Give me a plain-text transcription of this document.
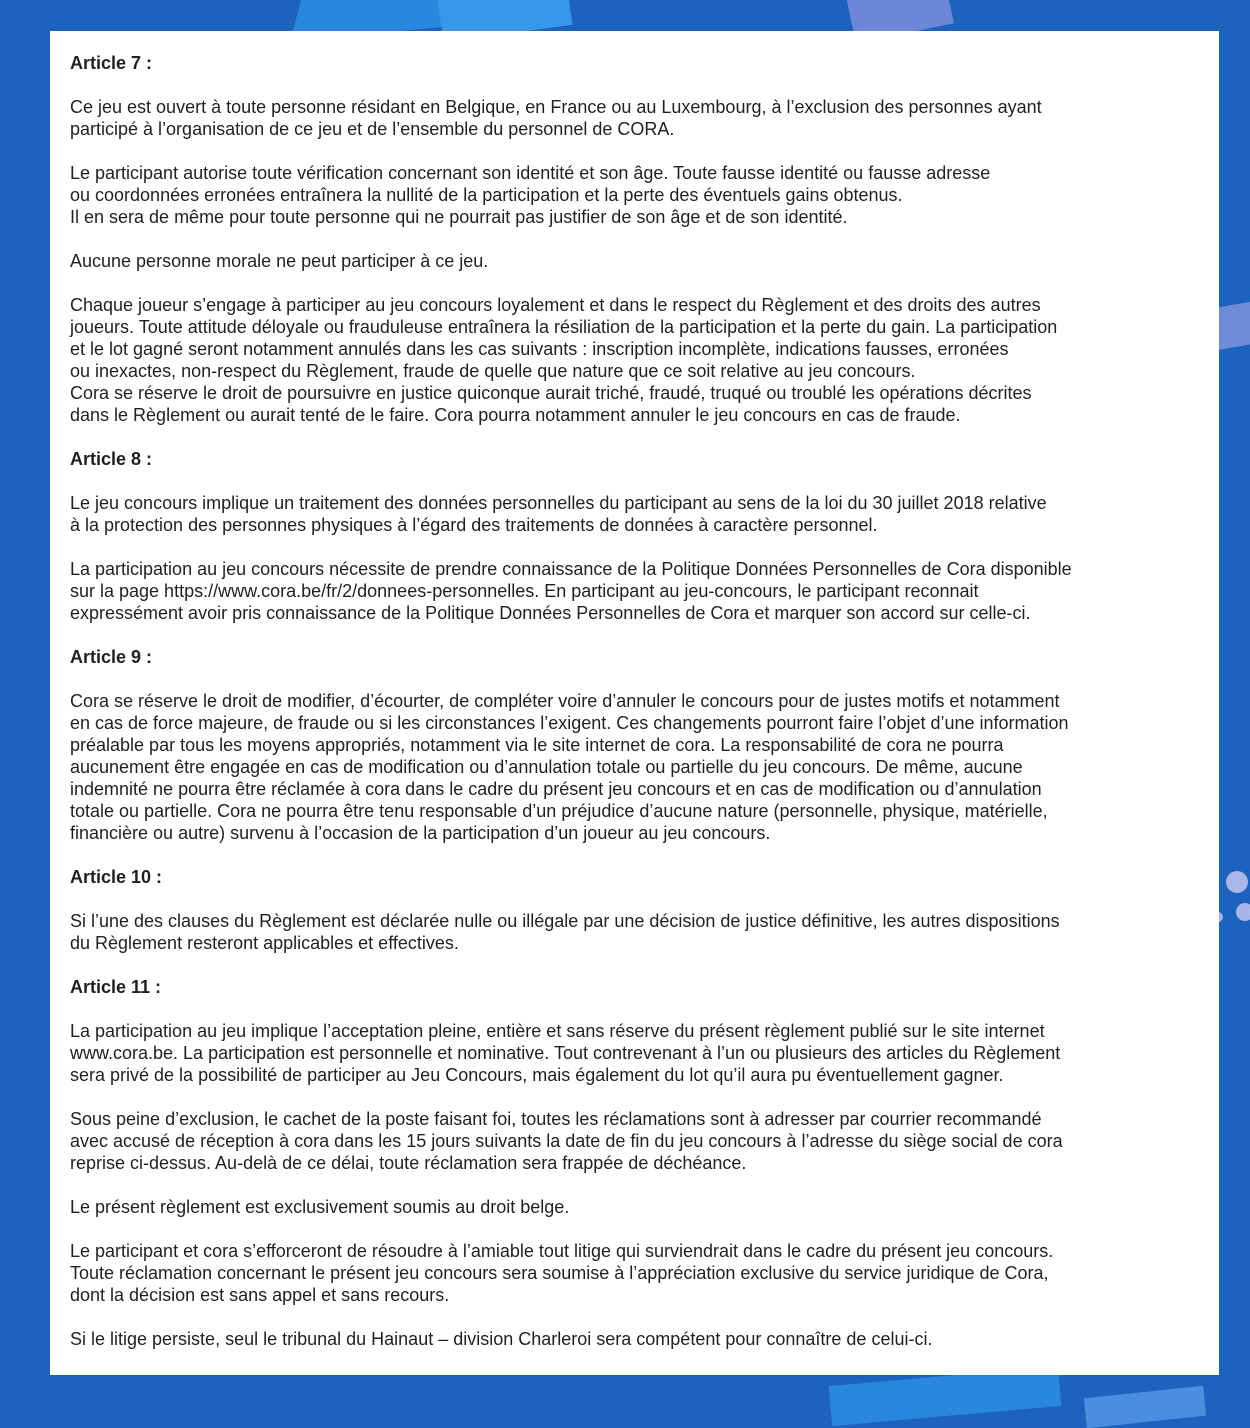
Article 7 :

Ce jeu est ouvert à toute personne résidant en Belgique, en France ou au Luxembourg, à l’exclusion des personnes ayant
participé à l’organisation de ce jeu et de l’ensemble du personnel de CORA.

Le participant autorise toute vérification concernant son identité et son âge. Toute fausse identité ou fausse adresse
ou coordonnées erronées entraînera la nullité de la participation et la perte des éventuels gains obtenus.
Il en sera de même pour toute personne qui ne pourrait pas justifier de son âge et de son identité.

Aucune personne morale ne peut participer à ce jeu.

Chaque joueur s’engage à participer au jeu concours loyalement et dans le respect du Règlement et des droits des autres
joueurs. Toute attitude déloyale ou frauduleuse entraînera la résiliation de la participation et la perte du gain. La participation
et le lot gagné seront notamment annulés dans les cas suivants : inscription incomplète, indications fausses, erronées
ou inexactes, non-respect du Règlement, fraude de quelle que nature que ce soit relative au jeu concours.
Cora se réserve le droit de poursuivre en justice quiconque aurait triché, fraudé, truqué ou troublé les opérations décrites
dans le Règlement ou aurait tenté de le faire. Cora pourra notamment annuler le jeu concours en cas de fraude.

Article 8 :

Le jeu concours implique un traitement des données personnelles du participant au sens de la loi du 30 juillet 2018 relative
à la protection des personnes physiques à l’égard des traitements de données à caractère personnel.

La participation au jeu concours nécessite de prendre connaissance de la Politique Données Personnelles de Cora disponible
sur la page https://www.cora.be/fr/2/donnees-personnelles. En participant au jeu-concours, le participant reconnait
expressément avoir pris connaissance de la Politique Données Personnelles de Cora et marquer son accord sur celle-ci.

Article 9 :

Cora se réserve le droit de modifier, d’écourter, de compléter voire d’annuler le concours pour de justes motifs et notamment
en cas de force majeure, de fraude ou si les circonstances l’exigent. Ces changements pourront faire l’objet d’une information
préalable par tous les moyens appropriés, notamment via le site internet de cora. La responsabilité de cora ne pourra
aucunement être engagée en cas de modification ou d’annulation totale ou partielle du jeu concours. De même, aucune
indemnité ne pourra être réclamée à cora dans le cadre du présent jeu concours et en cas de modification ou d’annulation
totale ou partielle. Cora ne pourra être tenu responsable d’un préjudice d’aucune nature (personnelle, physique, matérielle,
financière ou autre) survenu à l’occasion de la participation d’un joueur au jeu concours.

Article 10 :

Si l’une des clauses du Règlement est déclarée nulle ou illégale par une décision de justice définitive, les autres dispositions
du Règlement resteront applicables et effectives.

Article 11 :

La participation au jeu implique l’acceptation pleine, entière et sans réserve du présent règlement publié sur le site internet
www.cora.be. La participation est personnelle et nominative. Tout contrevenant à l’un ou plusieurs des articles du Règlement
sera privé de la possibilité de participer au Jeu Concours, mais également du lot qu’il aura pu éventuellement gagner.

Sous peine d’exclusion, le cachet de la poste faisant foi, toutes les réclamations sont à adresser par courrier recommandé
avec accusé de réception à cora dans les 15 jours suivants la date de fin du jeu concours à l’adresse du siège social de cora
reprise ci-dessus. Au-delà de ce délai, toute réclamation sera frappée de déchéance.

Le présent règlement est exclusivement soumis au droit belge.

Le participant et cora s’efforceront de résoudre à l’amiable tout litige qui surviendrait dans le cadre du présent jeu concours.
Toute réclamation concernant le présent jeu concours sera soumise à l’appréciation exclusive du service juridique de Cora,
dont la décision est sans appel et sans recours.

Si le litige persiste, seul le tribunal du Hainaut – division Charleroi sera compétent pour connaître de celui-ci.
